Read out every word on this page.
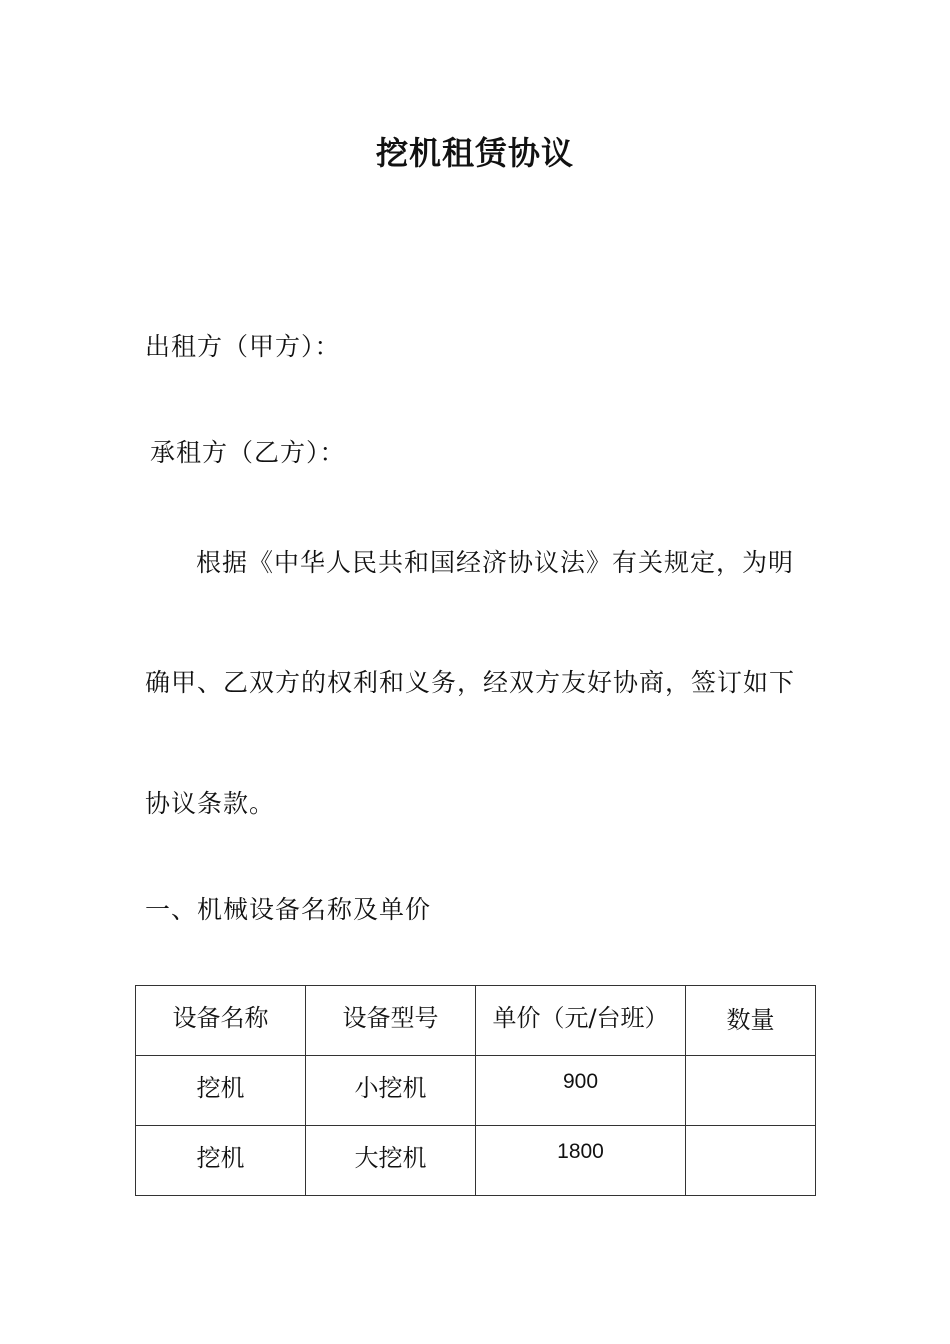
挖机租赁协议
出租方（甲方）：
承租方（乙方）：
根据《中华人民共和国经济协议法》有关规定，为明
确甲、乙双方的权利和义务，经双方友好协商，签订如下
协议条款。
一、机械设备名称及单价
设备名称	设备型号	单价（元/台班）	数量
挖机	小挖机	900	
挖机	大挖机	1800	
